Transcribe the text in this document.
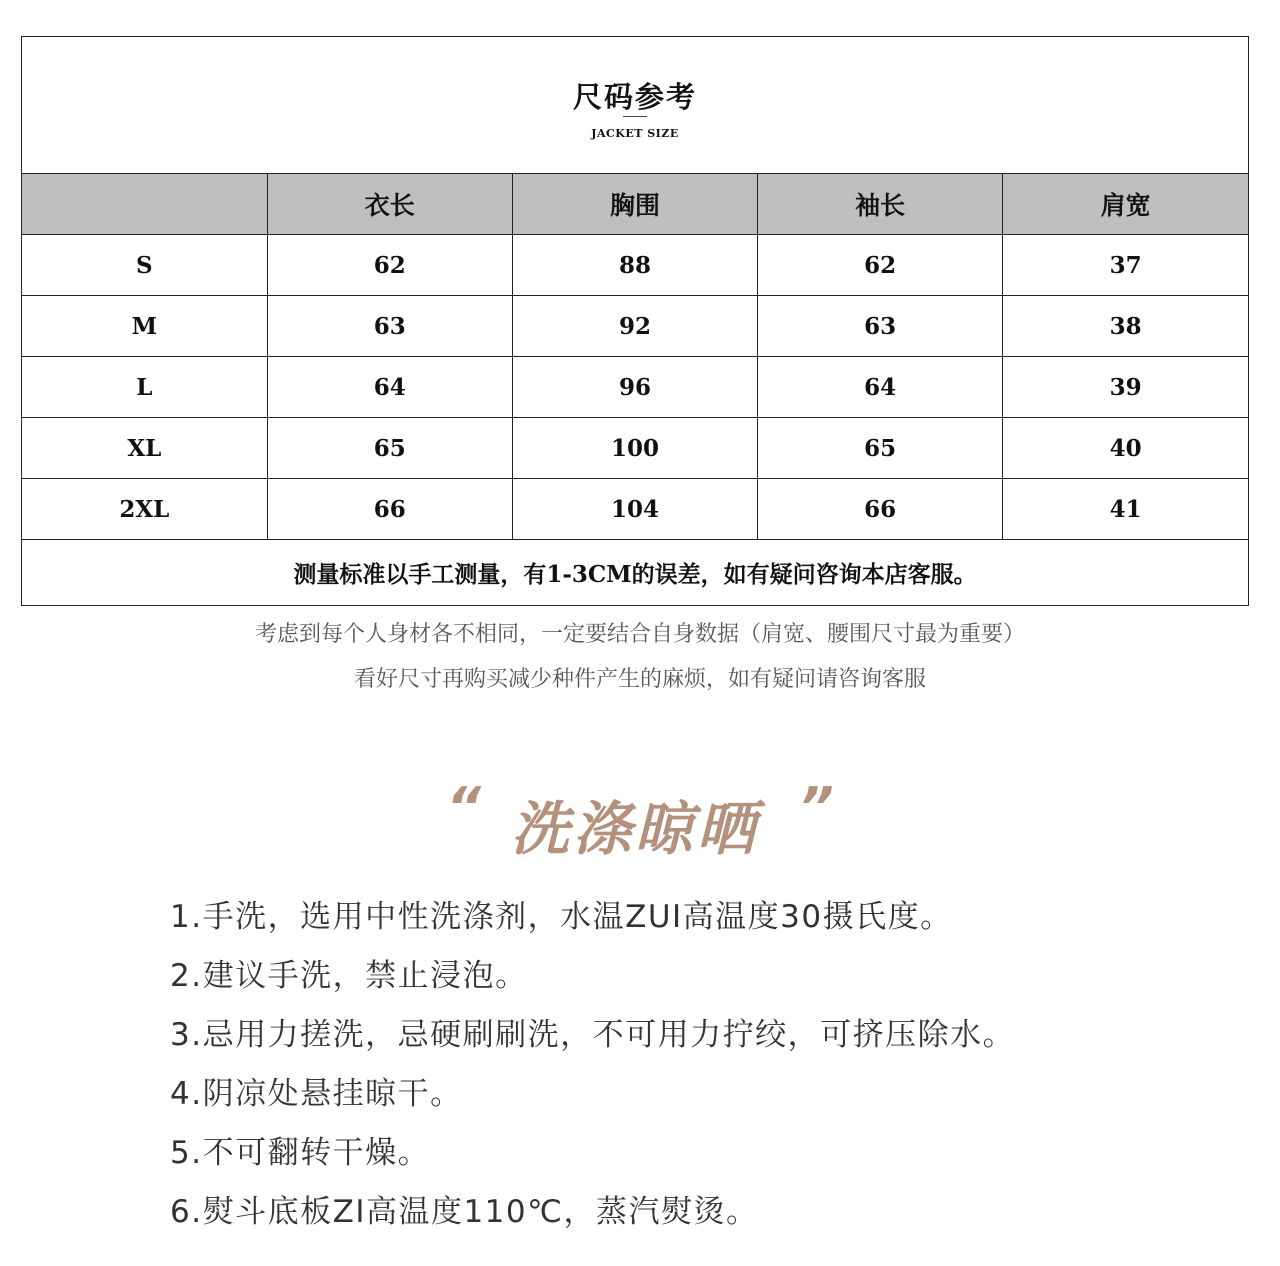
尺码参考
JACKET SIZE
	衣长	胸围	袖长	肩宽
S	62	88	62	37
M	63	92	63	38
L	64	96	64	39
XL	65	100	65	40
2XL	66	104	66	41
测量标准以手工测量，有1-3CM的误差，如有疑问咨询本店客服。				
考虑到每个人身材各不相同，一定要结合自身数据（肩宽、腰围尺寸最为重要）
看好尺寸再购买减少种件产生的麻烦，如有疑问请咨询客服
“ 洗涤晾晒 ”
1.手洗，选用中性洗涤剂，水温ZUI高温度30摄氏度。
2.建议手洗，禁止浸泡。
3.忌用力搓洗，忌硬刷刷洗，不可用力拧绞，可挤压除水。
4.阴凉处悬挂晾干。
5.不可翻转干燥。
6.熨斗底板ZI高温度110℃，蒸汽熨烫。
